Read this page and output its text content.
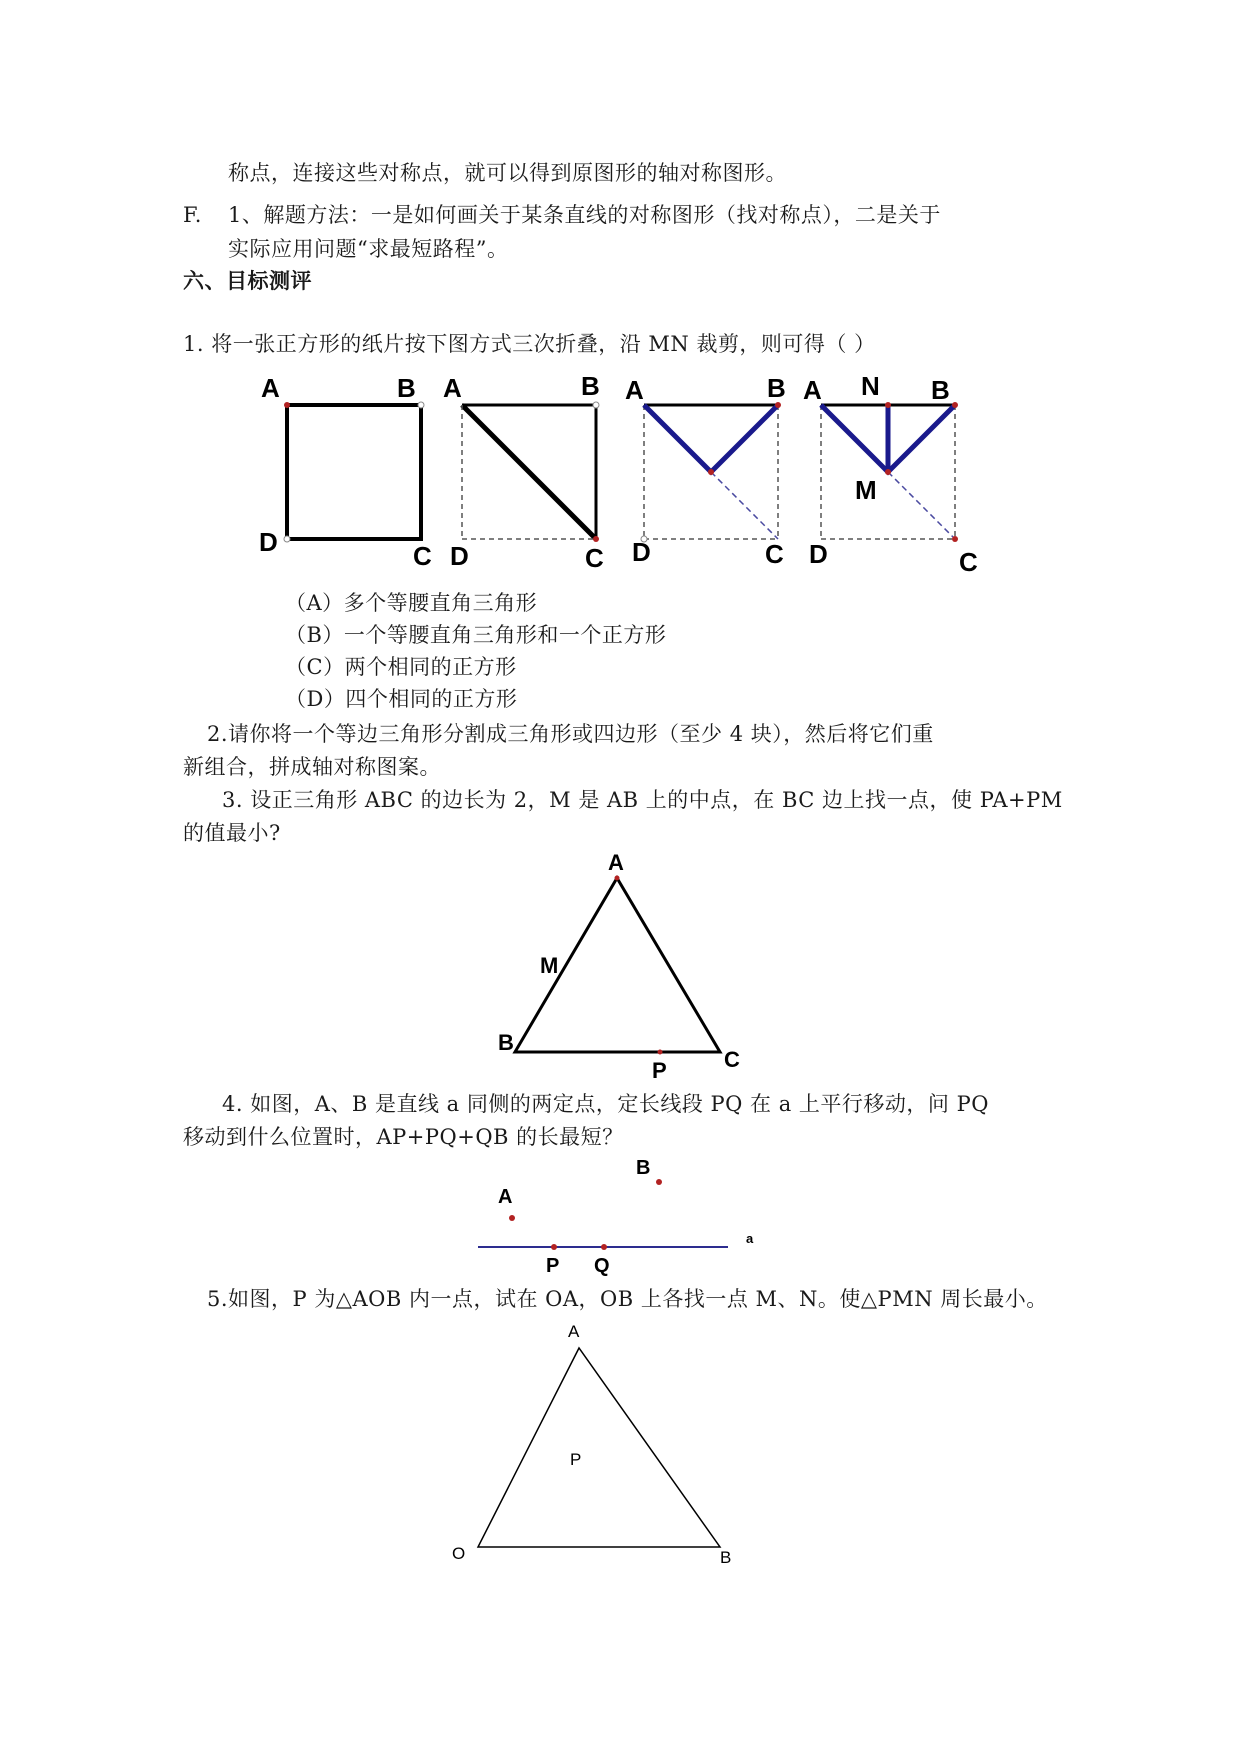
称点，连接这些对称点，就可以得到原图形的轴对称图形。
F. 1、解题方法：一是如何画关于某条直线的对称图形（找对称点），二是关于
实际应用问题“求最短路程”。
六、目标测评
1. 将一张正方形的纸片按下图方式三次折叠，沿 MN 裁剪，则可得（ ）
A	B
D	C
A	B
D	C
A	B
D	C
A N B
M
D	C
（A）多个等腰直角三角形
（B）一个等腰直角三角形和一个正方形
（C）两个相同的正方形
（D）四个相同的正方形
2.请你将一个等边三角形分割成三角形或四边形（至少 4 块），然后将它们重
新组合，拼成轴对称图案。
3. 设正三角形 ABC 的边长为 2，M 是 AB 上的中点，在 BC 边上找一点，使 PA+PM
的值最小?
A
M
B
C
P
4. 如图，A、B 是直线 a 同侧的两定点，定长线段 PQ 在 a 上平行移动，问 PQ
移动到什么位置时，AP+PQ+QB 的长最短？
A
B
P Q
a
5.如图，P 为△AOB 内一点，试在 OA，OB 上各找一点 M、N。使△PMN 周长最小。
A
P
O	B
